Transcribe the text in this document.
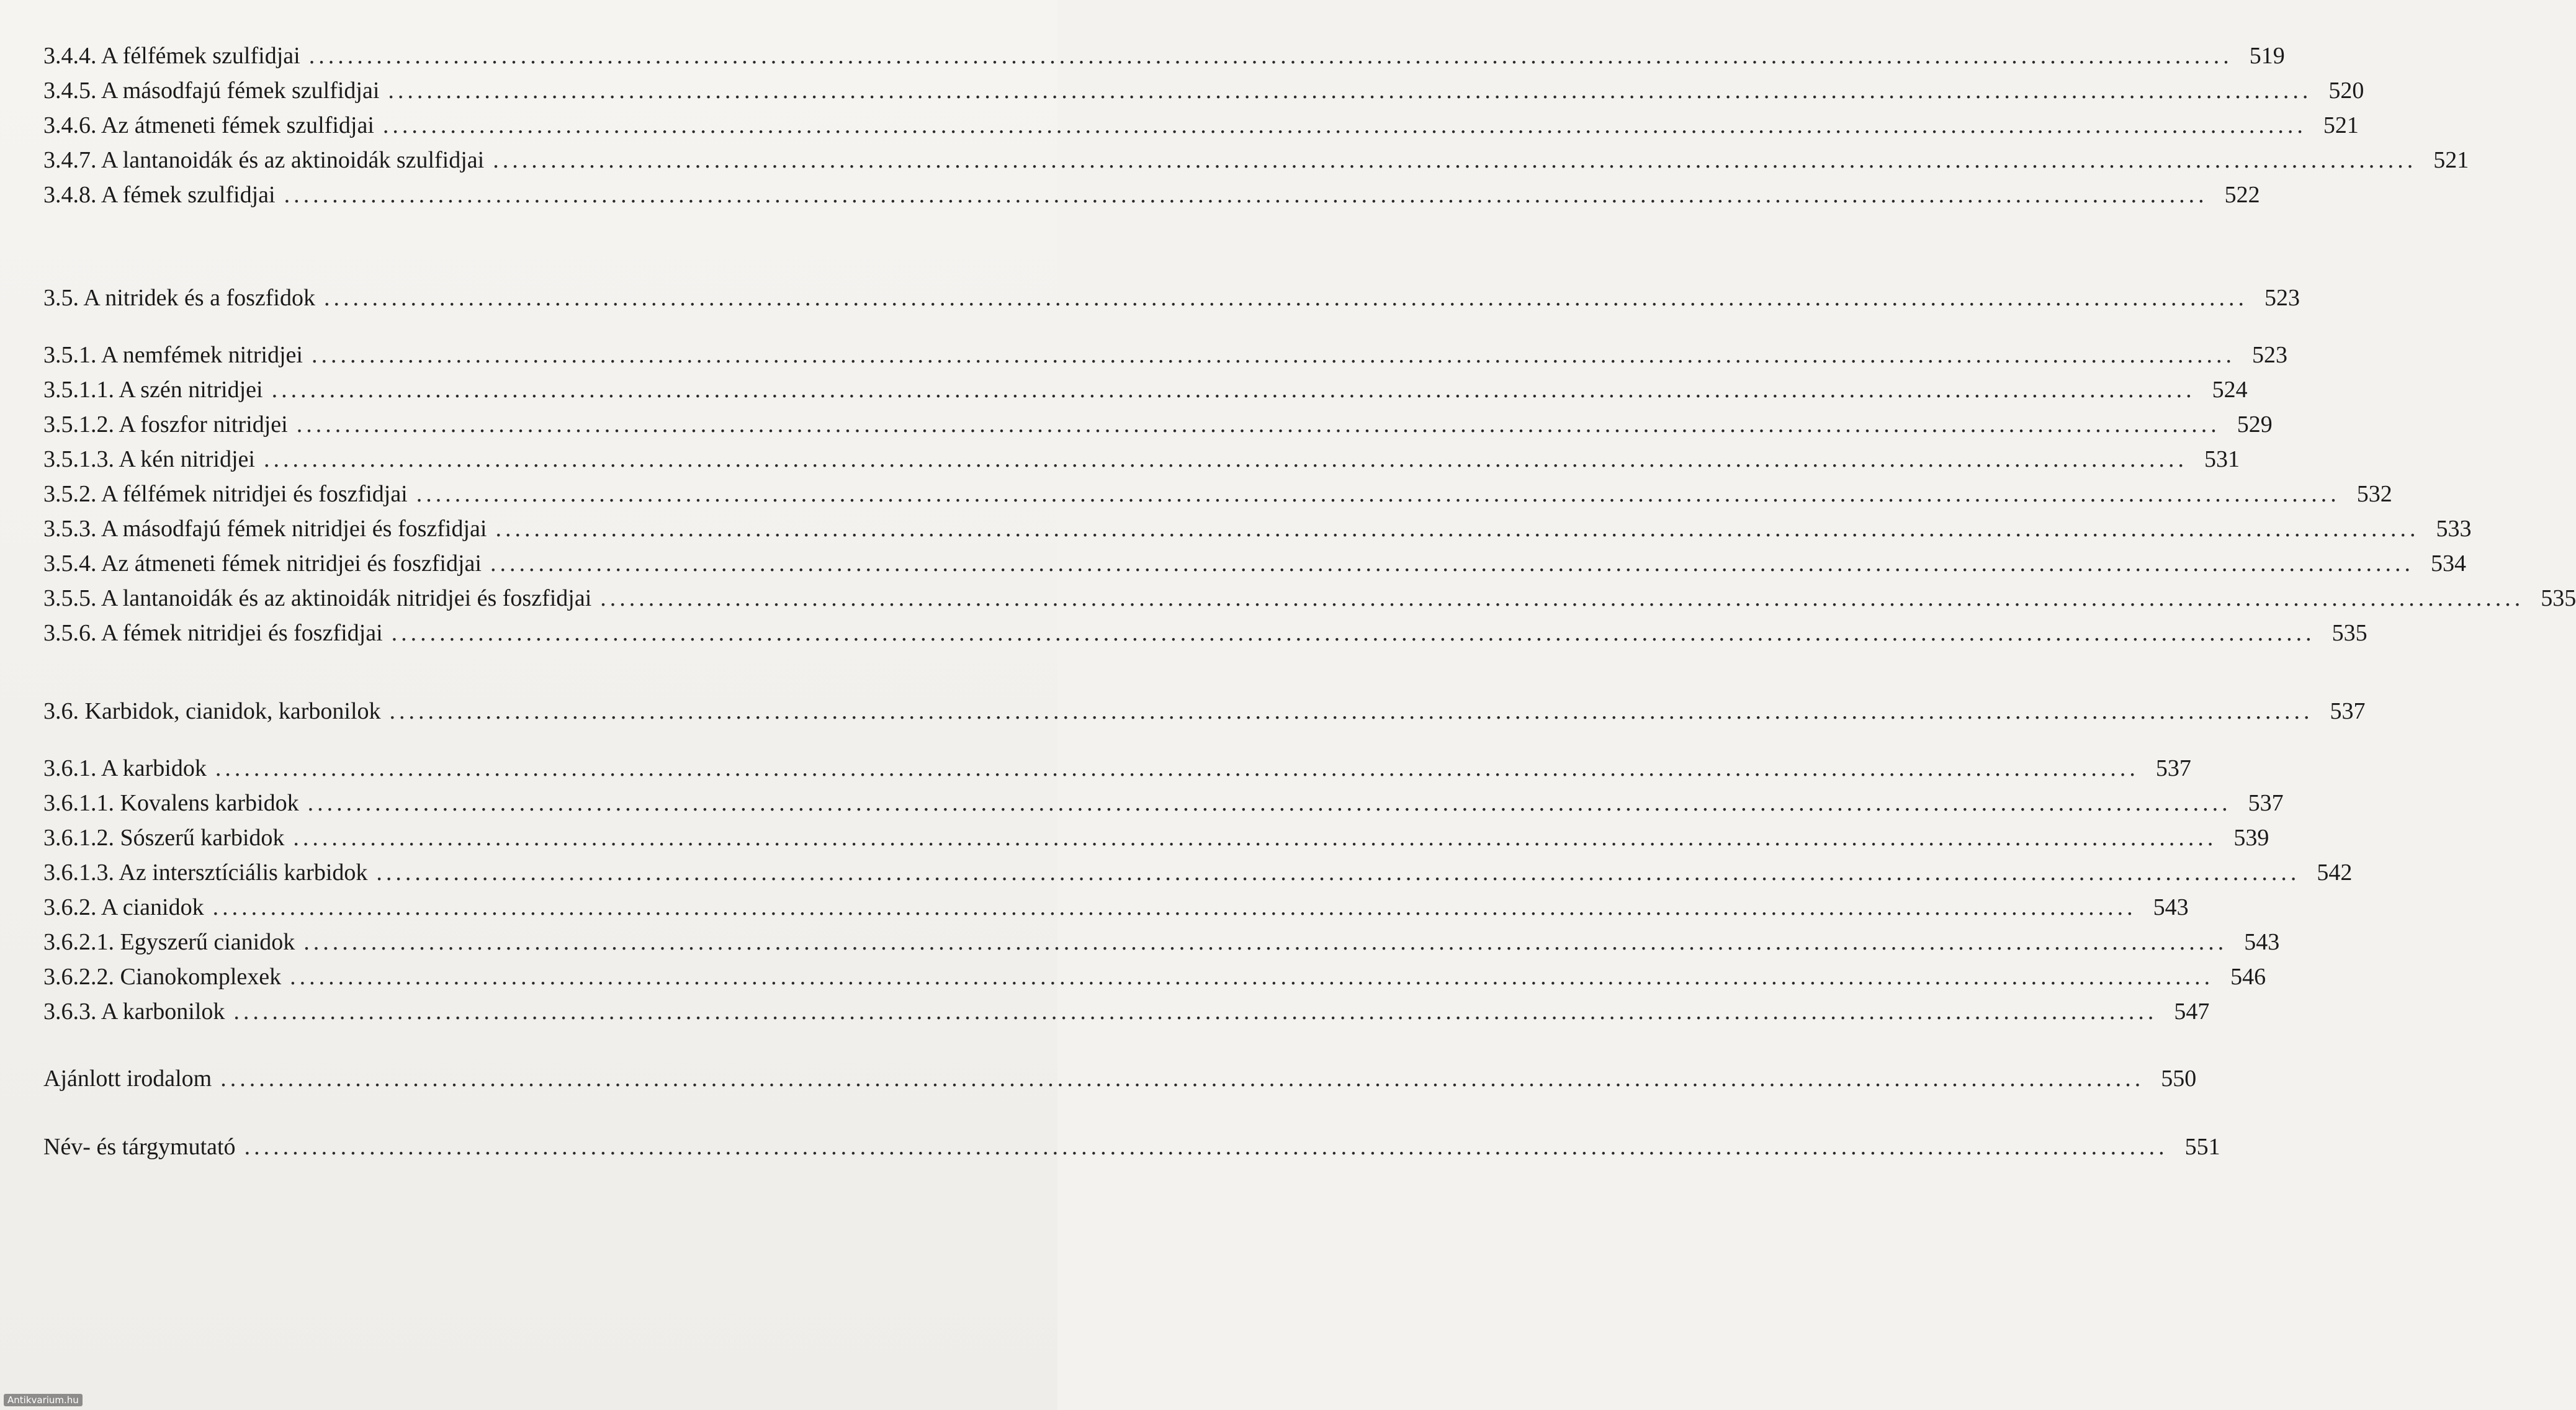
3.4.4. A félfémek szulfidjai ........................................................................................................................................................................................................ 519
3.4.5. A másodfajú fémek szulfidjai ........................................................................................................................................................................................................ 520
3.4.6. Az átmeneti fémek szulfidjai ........................................................................................................................................................................................................ 521
3.4.7. A lantanoidák és az aktinoidák szulfidjai ........................................................................................................................................................................................................ 521
3.4.8. A fémek szulfidjai ........................................................................................................................................................................................................ 522
3.5. A nitridek és a foszfidok ........................................................................................................................................................................................................ 523
3.5.1. A nemfémek nitridjei ........................................................................................................................................................................................................ 523
3.5.1.1. A szén nitridjei ........................................................................................................................................................................................................ 524
3.5.1.2. A foszfor nitridjei ........................................................................................................................................................................................................ 529
3.5.1.3. A kén nitridjei ........................................................................................................................................................................................................ 531
3.5.2. A félfémek nitridjei és foszfidjai ........................................................................................................................................................................................................ 532
3.5.3. A másodfajú fémek nitridjei és foszfidjai ........................................................................................................................................................................................................ 533
3.5.4. Az átmeneti fémek nitridjei és foszfidjai ........................................................................................................................................................................................................ 534
3.5.5. A lantanoidák és az aktinoidák nitridjei és foszfidjai ........................................................................................................................................................................................................ 535
3.5.6. A fémek nitridjei és foszfidjai ........................................................................................................................................................................................................ 535
3.6. Karbidok, cianidok, karbonilok ........................................................................................................................................................................................................ 537
3.6.1. A karbidok ........................................................................................................................................................................................................ 537
3.6.1.1. Kovalens karbidok ........................................................................................................................................................................................................ 537
3.6.1.2. Sószerű karbidok ........................................................................................................................................................................................................ 539
3.6.1.3. Az intersztíciális karbidok ........................................................................................................................................................................................................ 542
3.6.2. A cianidok ........................................................................................................................................................................................................ 543
3.6.2.1. Egyszerű cianidok ........................................................................................................................................................................................................ 543
3.6.2.2. Cianokomplexek ........................................................................................................................................................................................................ 546
3.6.3. A karbonilok ........................................................................................................................................................................................................ 547
Ajánlott irodalom ........................................................................................................................................................................................................ 550
Név- és tárgymutató ........................................................................................................................................................................................................ 551
Antikvarium.hu
